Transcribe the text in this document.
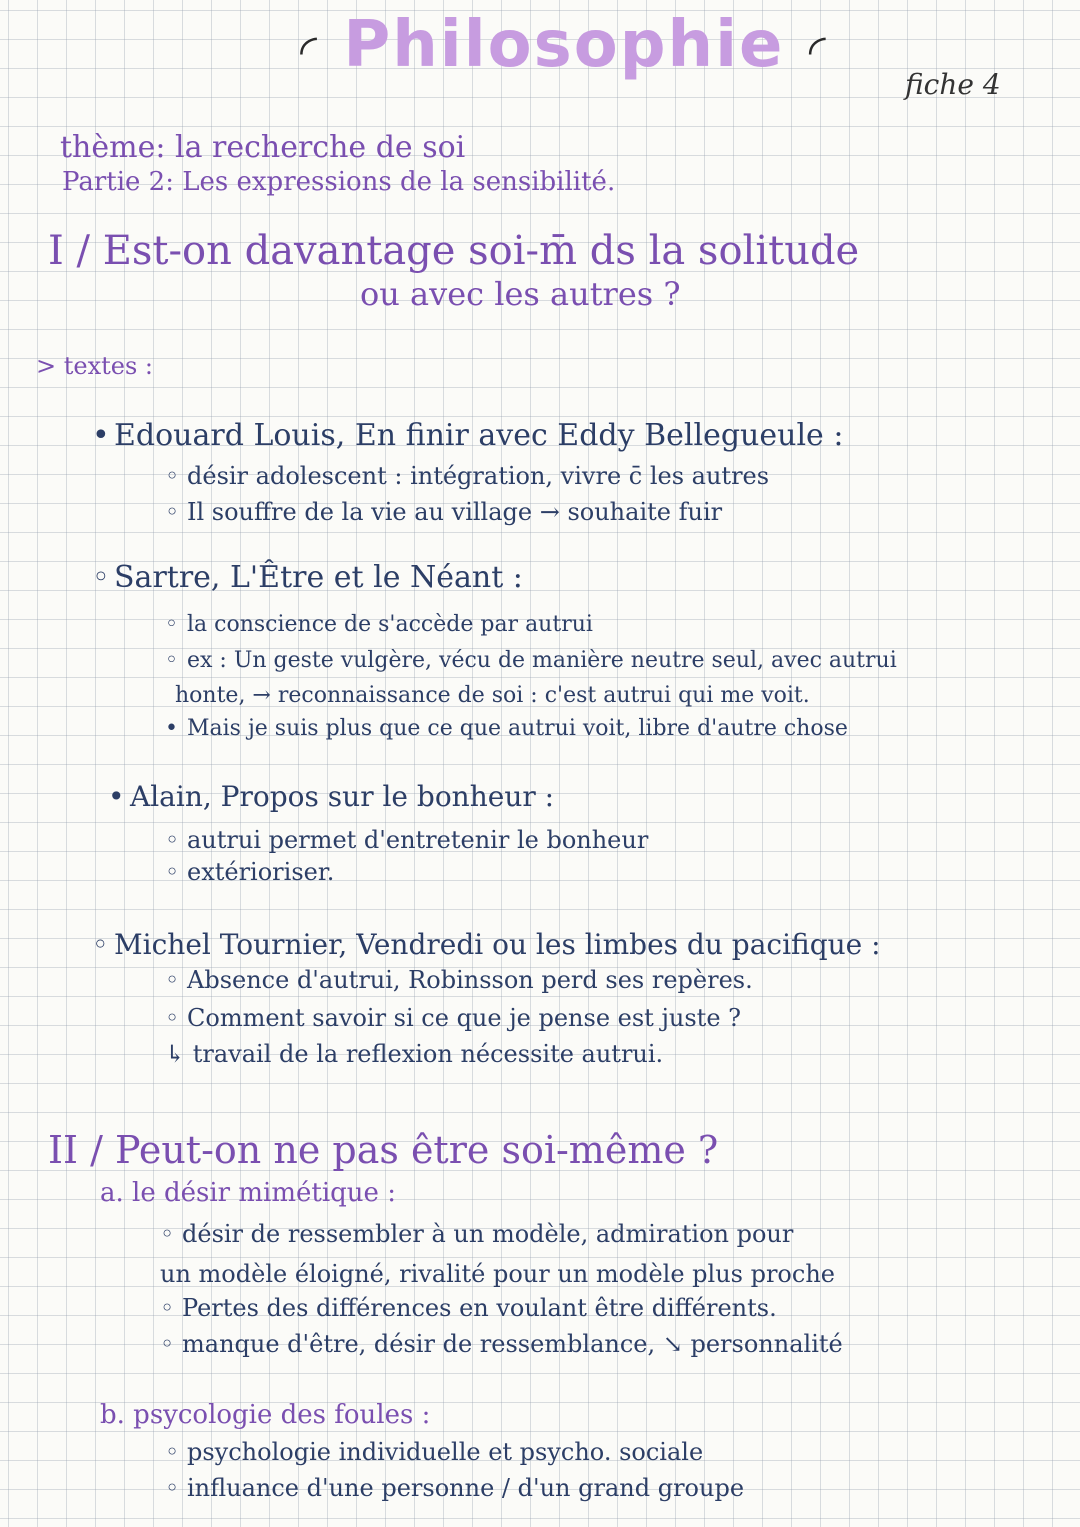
◜ Philosophie ◜
fiche 4
thème: la recherche de soi
Partie 2: Les expressions de la sensibilité.
I / Est-on davantage soi-m̄ ds la solitude
ou avec les autres ?
> textes :
• Edouard Louis, En finir avec Eddy Bellegueule :
◦ désir adolescent : intégration, vivre c̄ les autres
◦ Il souffre de la vie au village → souhaite fuir
◦ Sartre, L'Être et le Néant :
◦ la conscience de s'accède par autrui
◦ ex : Un geste vulgère, vécu de manière neutre seul, avec autrui
honte, → reconnaissance de soi : c'est autrui qui me voit.
• Mais je suis plus que ce que autrui voit, libre d'autre chose
• Alain, Propos sur le bonheur :
◦ autrui permet d'entretenir le bonheur
◦ extérioriser.
◦ Michel Tournier, Vendredi ou les limbes du pacifique :
◦ Absence d'autrui, Robinsson perd ses repères.
◦ Comment savoir si ce que je pense est juste ?
↳ travail de la reflexion nécessite autrui.
II / Peut-on ne pas être soi-même ?
a. le désir mimétique :
◦ désir de ressembler à un modèle, admiration pour
un modèle éloigné, rivalité pour un modèle plus proche
◦ Pertes des différences en voulant être différents.
◦ manque d'être, désir de ressemblance, ↘ personnalité
b. psycologie des foules :
◦ psychologie individuelle et psycho. sociale
◦ influance d'une personne / d'un grand groupe
